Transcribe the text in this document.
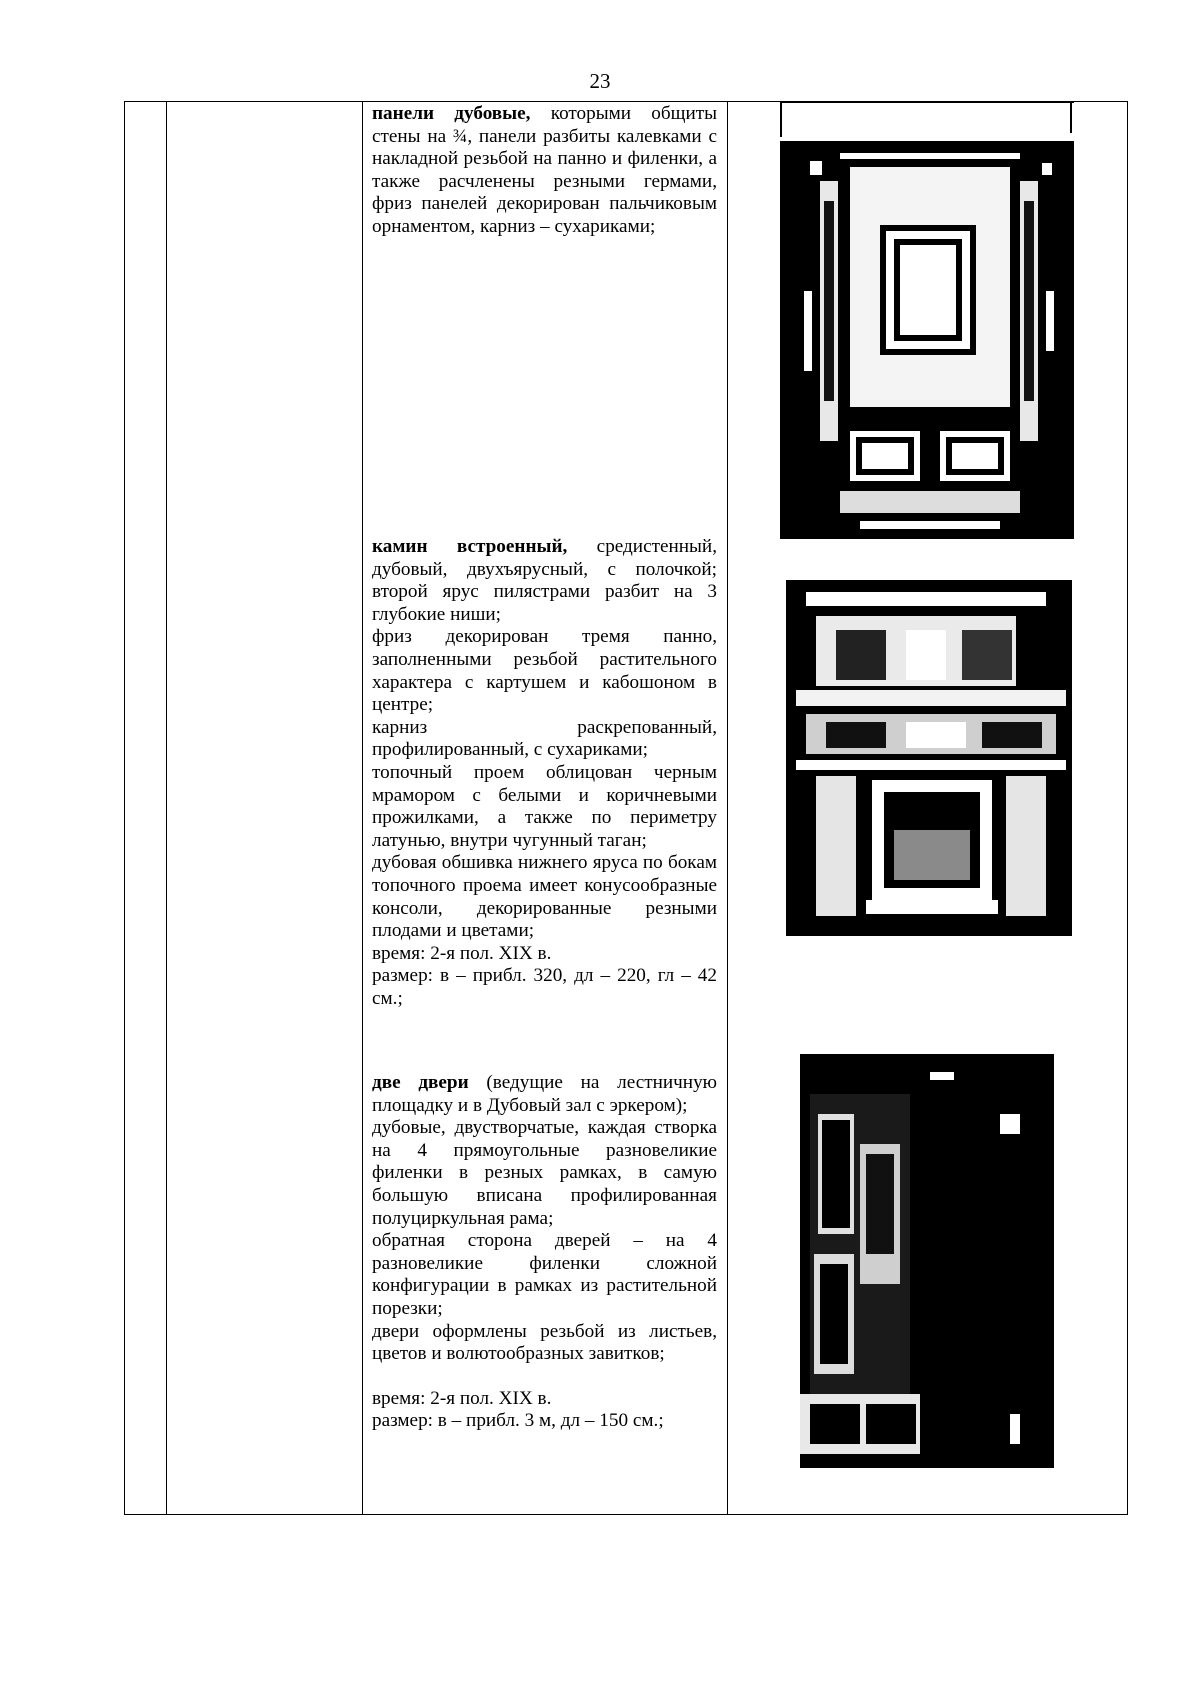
23

панели дубовые, которыми общиты стены на ¾, панели разбиты калевками с накладной резьбой на панно и филенки, а также расчленены резными гермами, фриз панелей декорирован пальчиковым орнаментом, карниз – сухариками;

камин встроенный, средистенный, дубовый, двухъярусный, с полочкой; второй ярус пилястрами разбит на 3 глубокие ниши;

фриз декорирован тремя панно, заполненными резьбой растительного характера с картушем и кабошоном в центре;

карниз раскрепованный, профилированный, с сухариками;

топочный проем облицован черным мрамором с белыми и коричневыми прожилками, а также по периметру латунью, внутри чугунный таган;

дубовая обшивка нижнего яруса по бокам топочного проема имеет конусообразные консоли, декорированные резными плодами и цветами;

время: 2-я пол. XIX в.

размер: в – прибл. 320, дл – 220, гл – 42 см.;

две двери (ведущие на лестничную площадку и в Дубовый зал с эркером);

дубовые, двустворчатые, каждая створка на 4 прямоугольные разновеликие филенки в резных рамках, в самую большую вписана профилированная полуциркульная рама;

обратная сторона дверей – на 4 разновеликие филенки сложной конфигурации в рамках из растительной порезки;

двери оформлены резьбой из листьев, цветов и волютообразных завитков;

время: 2-я пол. XIX в.

размер: в – прибл. 3 м, дл – 150 см.;
